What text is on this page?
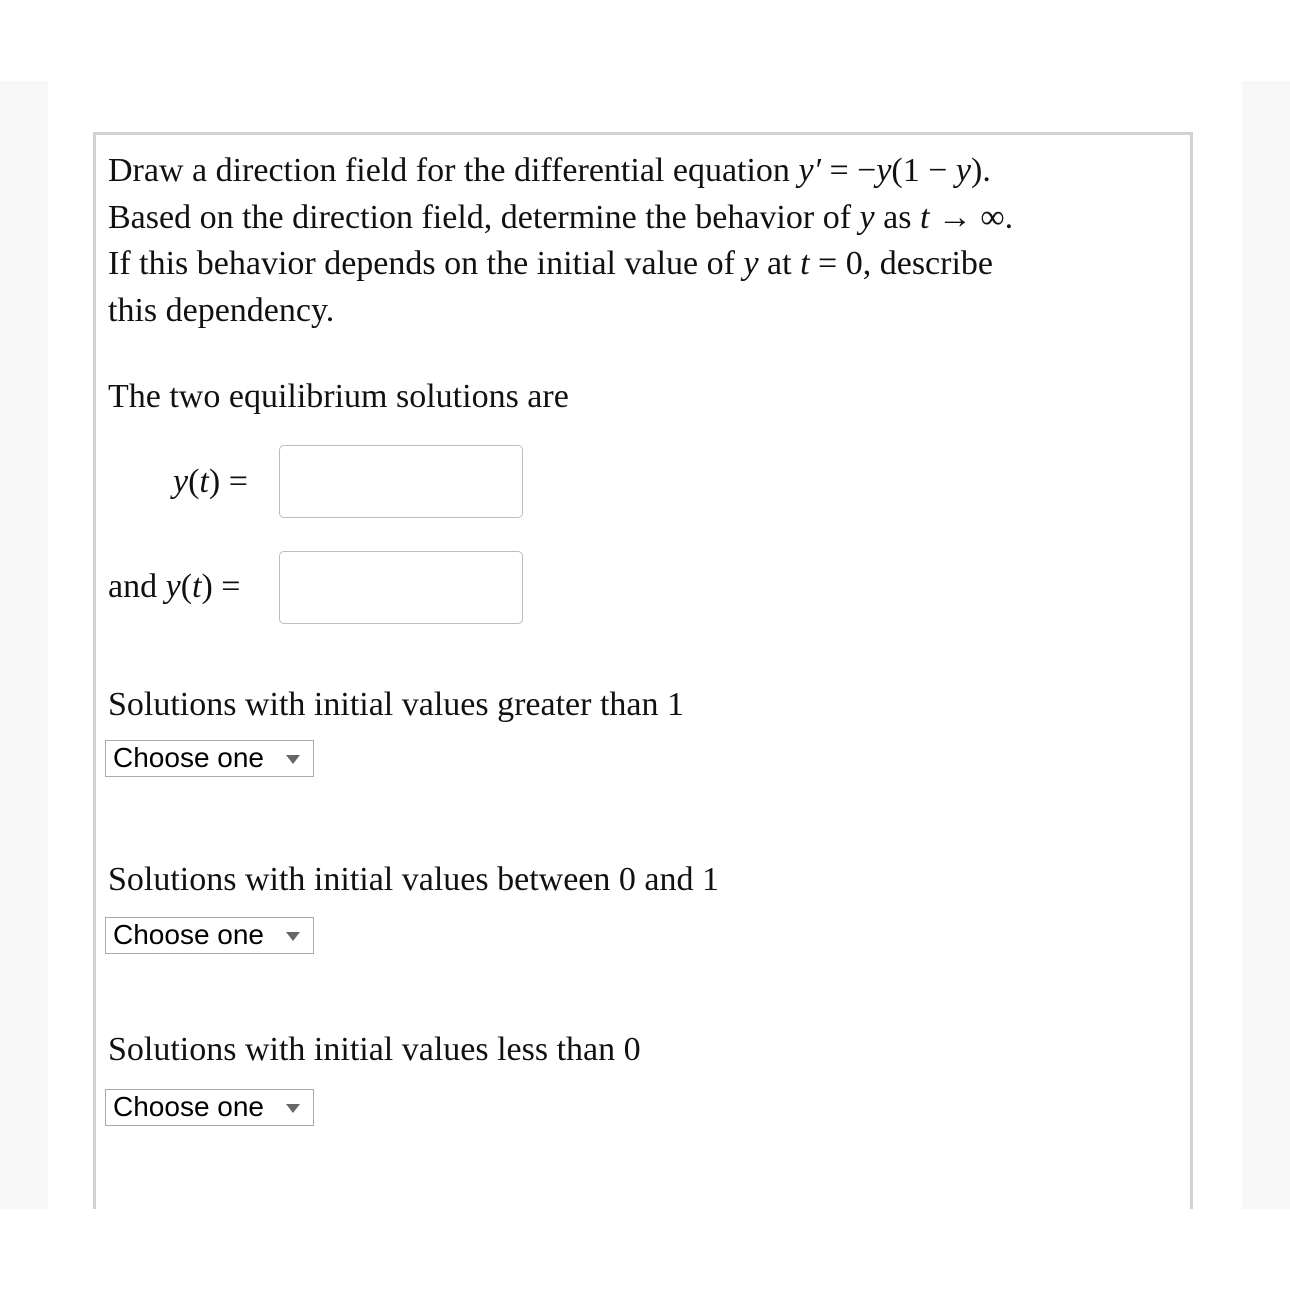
Draw a direction field for the differential equation y′ = −y(1 − y).
Based on the direction field, determine the behavior of y as t → ∞.
If this behavior depends on the initial value of y at t = 0, describe
this dependency.

The two equilibrium solutions are

y(t) =
and y(t) =

Solutions with initial values greater than 1

Choose one

Solutions with initial values between 0 and 1

Choose one

Solutions with initial values less than 0

Choose one
